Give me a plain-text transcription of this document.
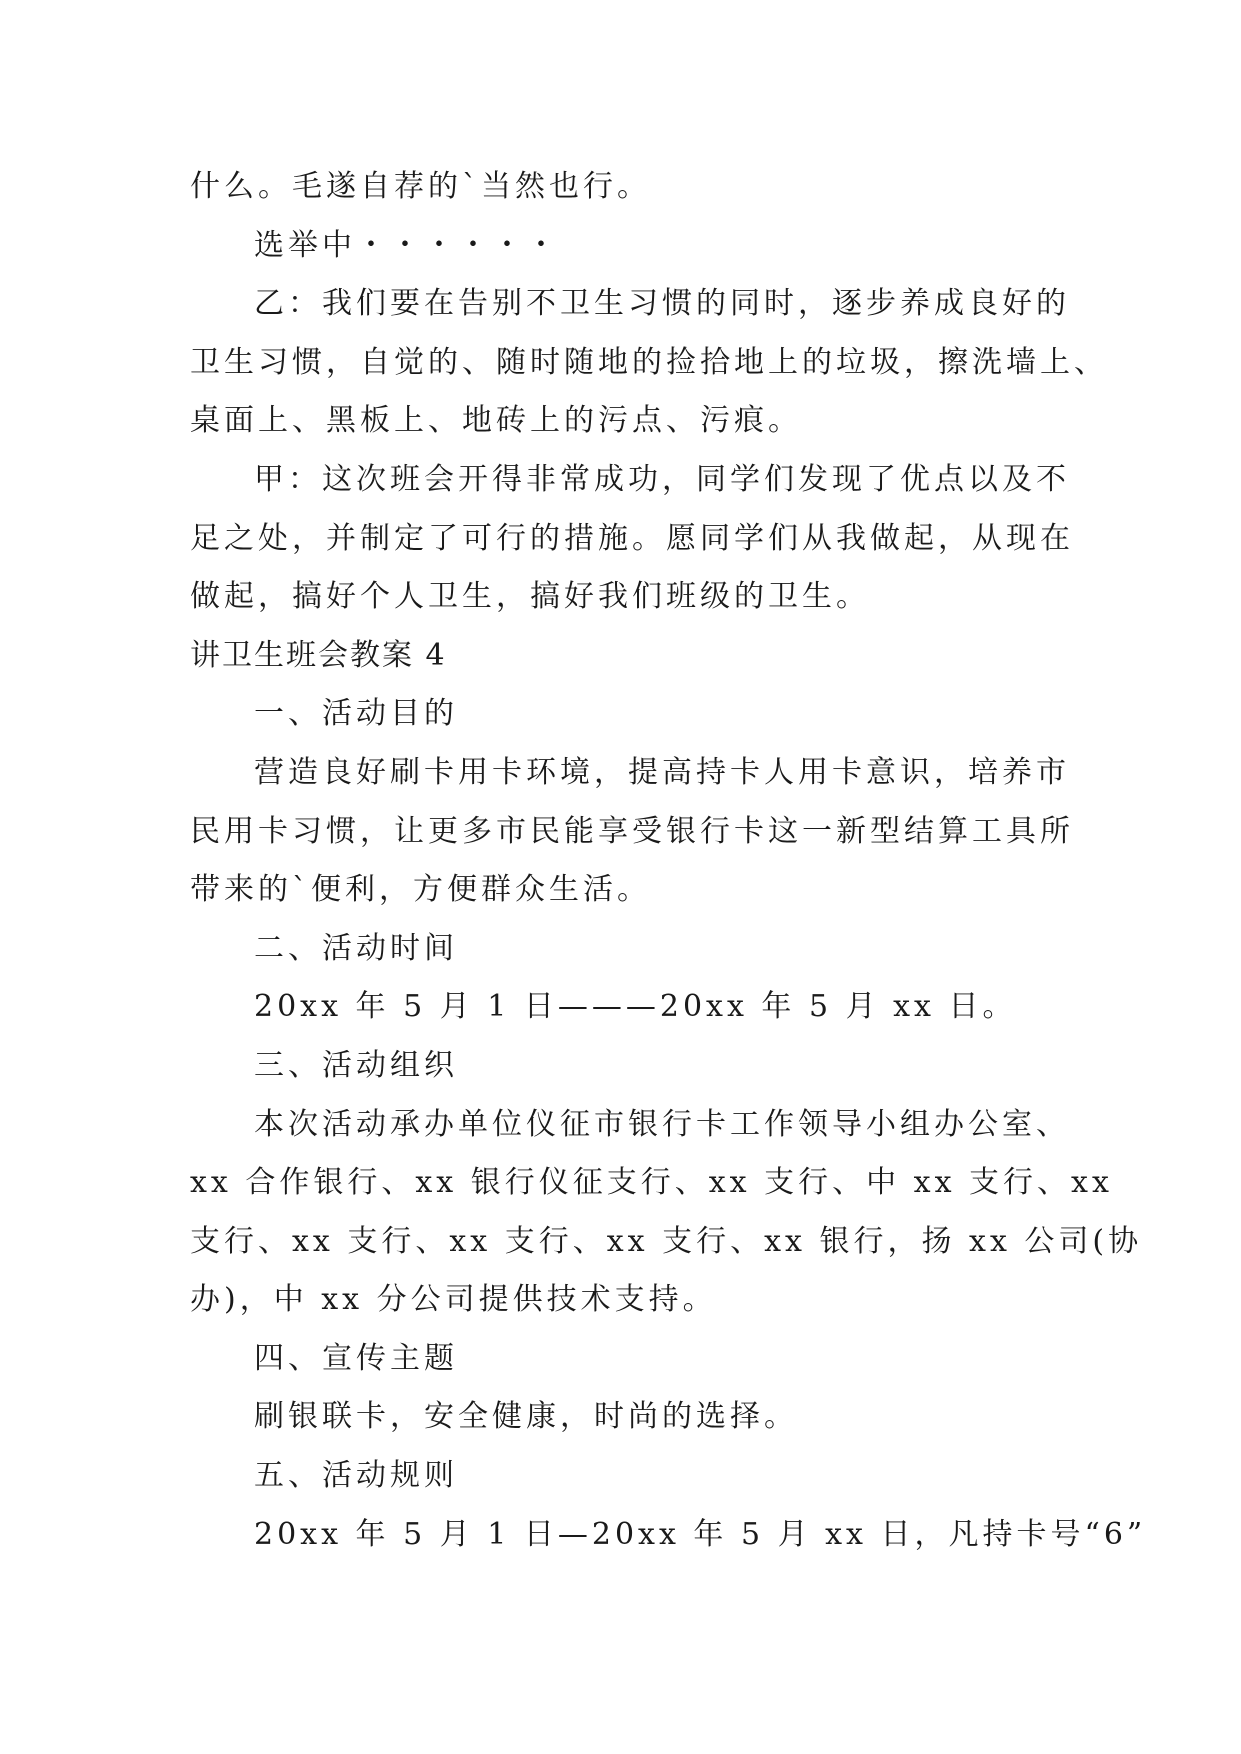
什么。毛遂自荐的`当然也行。
选举中・・・・・・
乙：我们要在告别不卫生习惯的同时，逐步养成良好的
卫生习惯，自觉的、随时随地的捡拾地上的垃圾，擦洗墙上、
桌面上、黑板上、地砖上的污点、污痕。
甲：这次班会开得非常成功，同学们发现了优点以及不
足之处，并制定了可行的措施。愿同学们从我做起，从现在
做起，搞好个人卫生，搞好我们班级的卫生。
讲卫生班会教案 4
一、活动目的
营造良好刷卡用卡环境，提高持卡人用卡意识，培养市
民用卡习惯，让更多市民能享受银行卡这一新型结算工具所
带来的`便利，方便群众生活。
二、活动时间
20xx 年 5 月 1 日———20xx 年 5 月 xx 日。
三、活动组织
本次活动承办单位仪征市银行卡工作领导小组办公室、
xx 合作银行、xx 银行仪征支行、xx 支行、中 xx 支行、xx
支行、xx 支行、xx 支行、xx 支行、xx 银行，扬 xx 公司(协
办)，中 xx 分公司提供技术支持。
四、宣传主题
刷银联卡，安全健康，时尚的选择。
五、活动规则
20xx 年 5 月 1 日—20xx 年 5 月 xx 日，凡持卡号“6”
